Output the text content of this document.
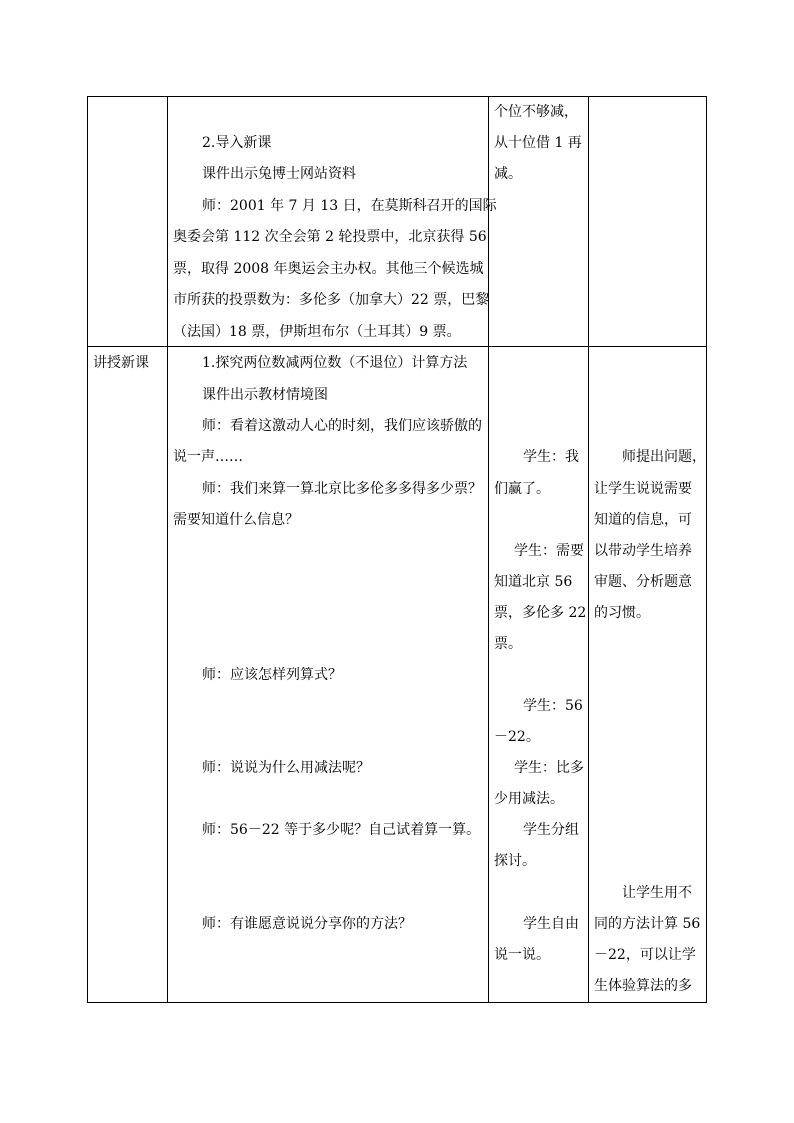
2.导入新课
课件出示兔博士网站资料
师：2001 年 7 月 13 日，在莫斯科召开的国际
奥委会第 112 次全会第 2 轮投票中，北京获得 56
票，取得 2008 年奥运会主办权。其他三个候选城
市所获的投票数为：多伦多（加拿大）22 票，巴黎
（法国）18 票，伊斯坦布尔（土耳其）9 票。
个位不够减，
从十位借 1 再
减。
讲授新课	1.探究两位数减两位数（不退位）计算方法
课件出示教材情境图
师：看着这激动人心的时刻，我们应该骄傲的
说一声……
师：我们来算一算北京比多伦多多得多少票？
需要知道什么信息？
师：应该怎样列算式？
师：说说为什么用减法呢？
师：56－22 等于多少呢？自己试着算一算。
师：有谁愿意说说分享你的方法？
学生：我
们赢了。
学生：需要
知道北京 56
票，多伦多 22
票。
学生：56
－22。
学生：比多
少用减法。
学生分组
探讨。
学生自由
说一说。
师提出问题，
让学生说说需要
知道的信息，可
以带动学生培养
审题、分析题意
的习惯。
让学生用不
同的方法计算 56
－22，可以让学
生体验算法的多
